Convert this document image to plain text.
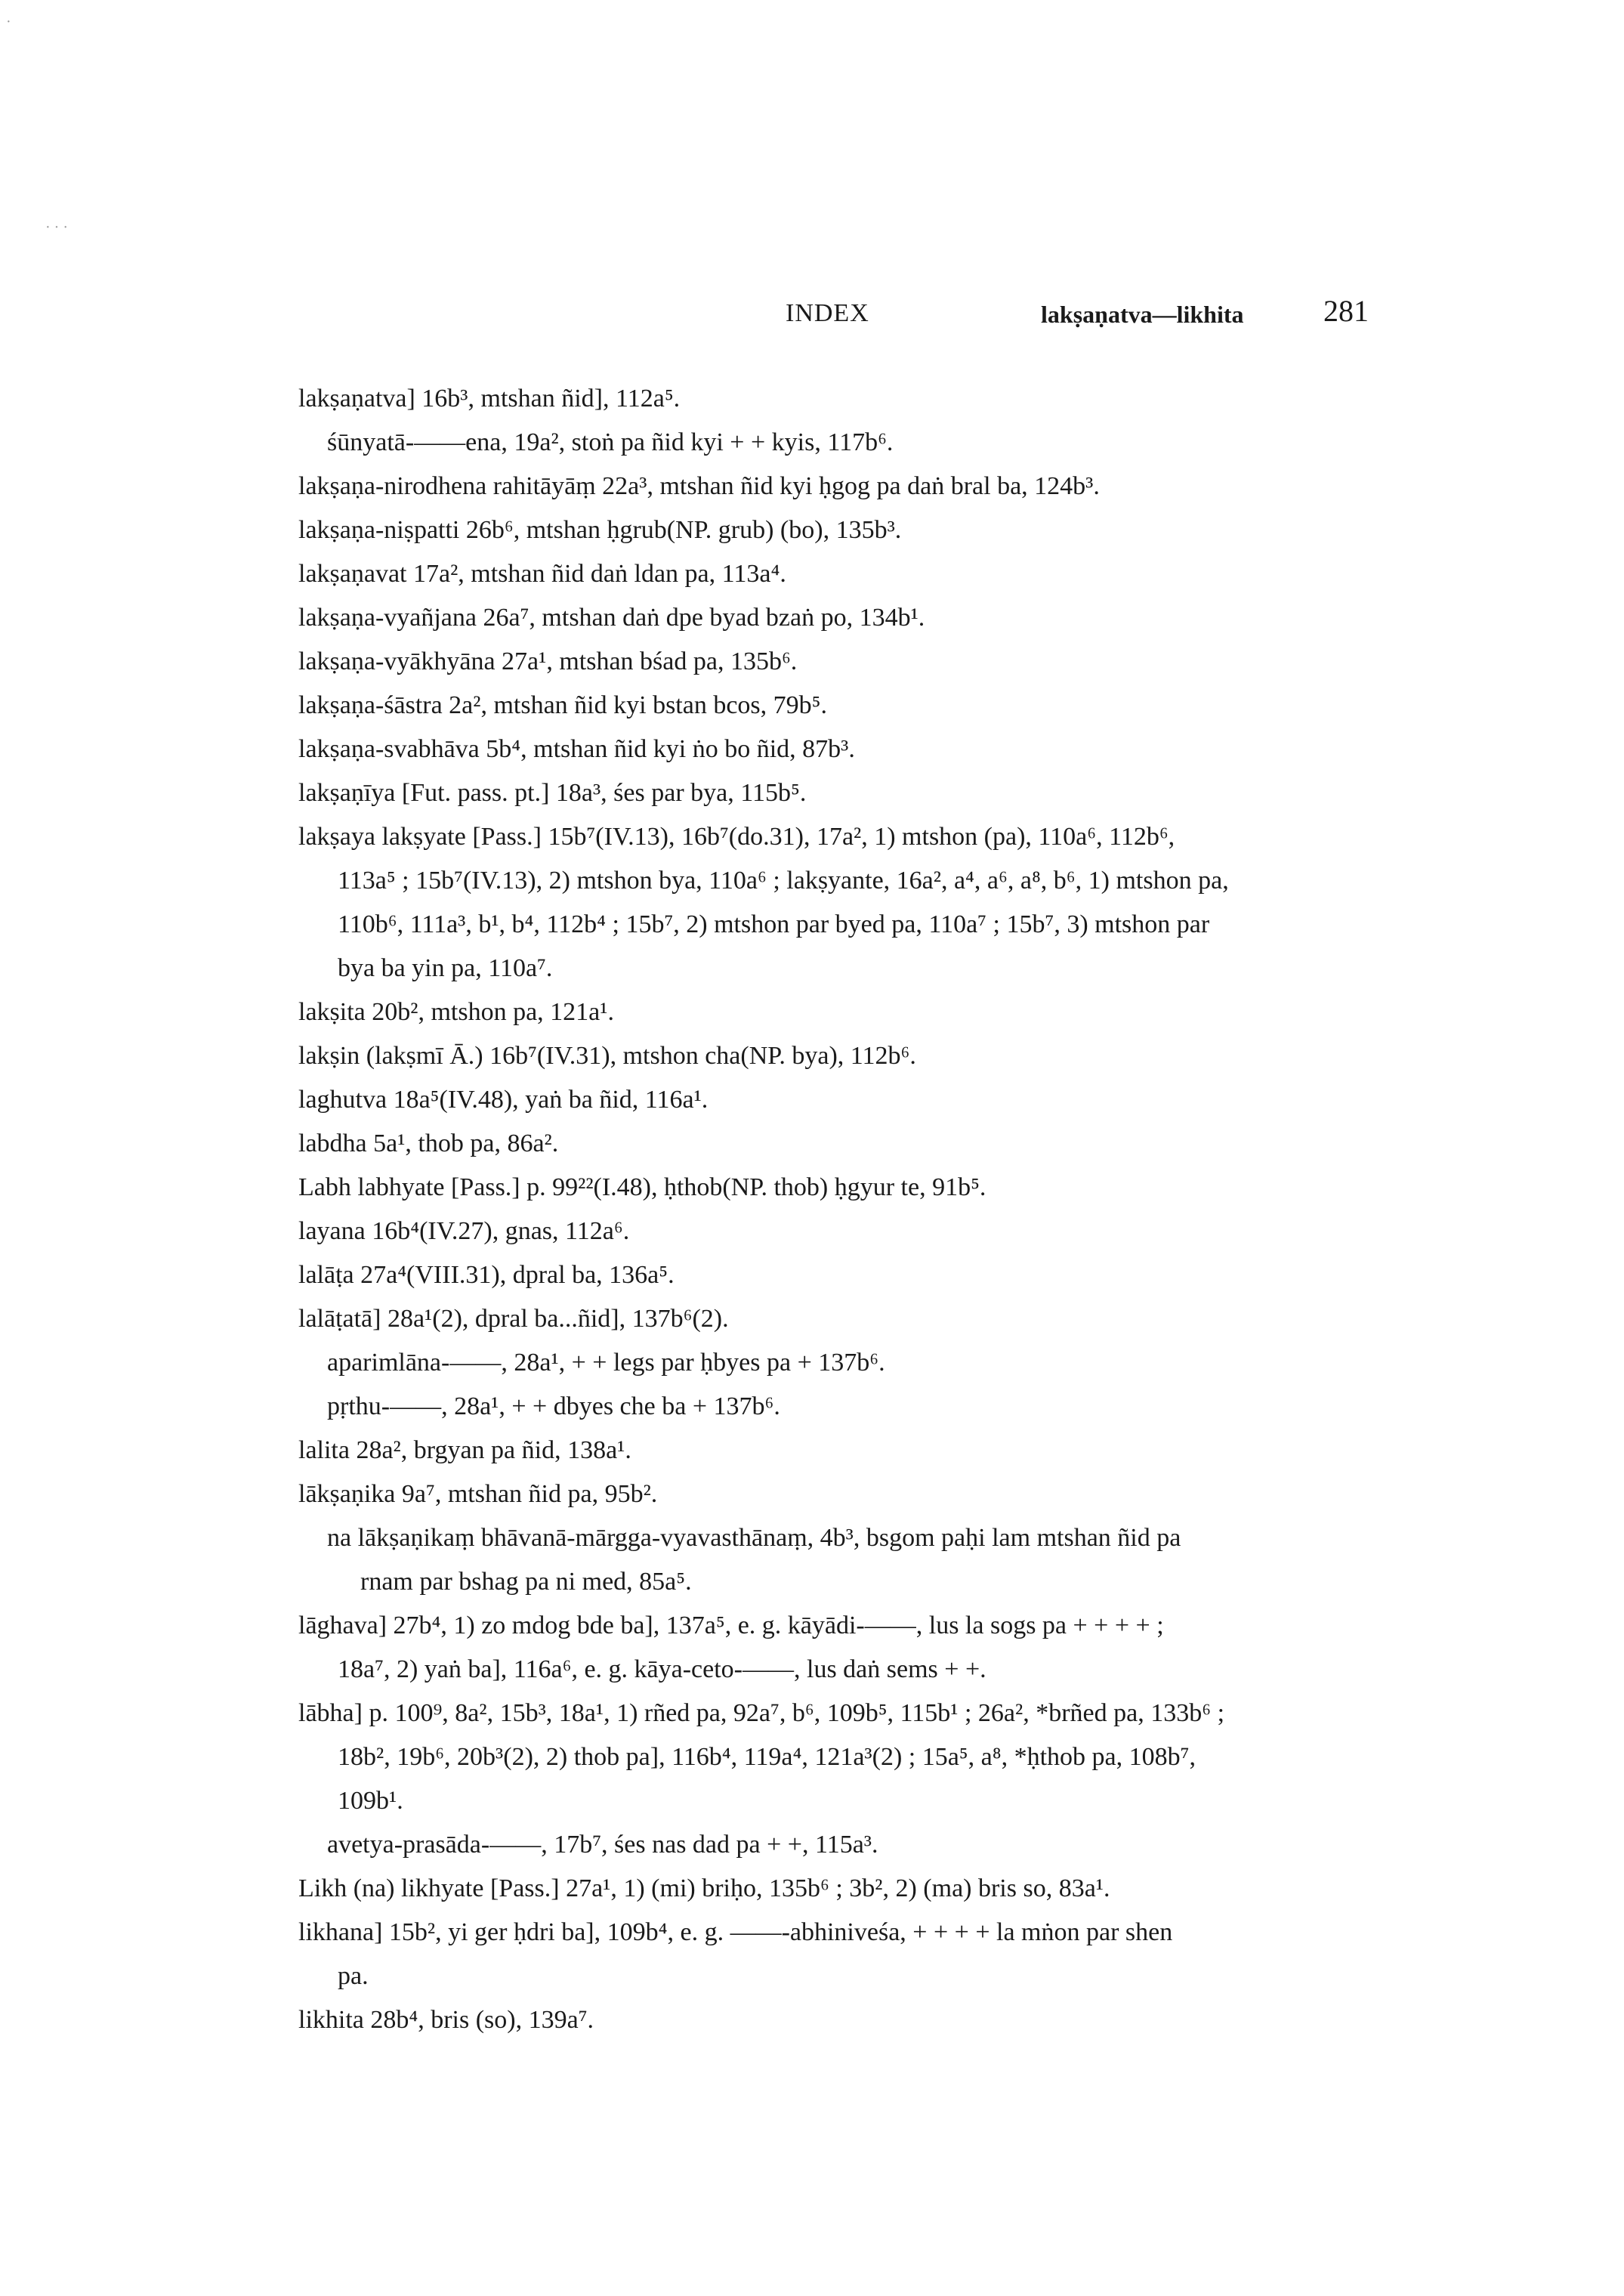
INDEX	lakṣaṇatva—likhita	281
·
· · ·
lakṣaṇatva] 16b³, mtshan ñid], 112a⁵.
śūnyatā-——ena, 19a², stoṅ pa ñid kyi + + kyis, 117b⁶.
lakṣaṇa-nirodhena rahitāyāṃ 22a³, mtshan ñid kyi ḥgog pa daṅ bral ba, 124b³.
lakṣaṇa-niṣpatti 26b⁶, mtshan ḥgrub(NP. grub) (bo), 135b³.
lakṣaṇavat 17a², mtshan ñid daṅ ldan pa, 113a⁴.
lakṣaṇa-vyañjana 26a⁷, mtshan daṅ dpe byad bzaṅ po, 134b¹.
lakṣaṇa-vyākhyāna 27a¹, mtshan bśad pa, 135b⁶.
lakṣaṇa-śāstra 2a², mtshan ñid kyi bstan bcos, 79b⁵.
lakṣaṇa-svabhāva 5b⁴, mtshan ñid kyi ṅo bo ñid, 87b³.
lakṣaṇīya [Fut. pass. pt.] 18a³, śes par bya, 115b⁵.
lakṣaya lakṣyate [Pass.] 15b⁷(IV.13), 16b⁷(do.31), 17a², 1) mtshon (pa), 110a⁶, 112b⁶,
113a⁵ ; 15b⁷(IV.13), 2) mtshon bya, 110a⁶ ; lakṣyante, 16a², a⁴, a⁶, a⁸, b⁶, 1) mtshon pa,
110b⁶, 111a³, b¹, b⁴, 112b⁴ ; 15b⁷, 2) mtshon par byed pa, 110a⁷ ; 15b⁷, 3) mtshon par
bya ba yin pa, 110a⁷.
lakṣita 20b², mtshon pa, 121a¹.
lakṣin (lakṣmī Ā.) 16b⁷(IV.31), mtshon cha(NP. bya), 112b⁶.
laghutva 18a⁵(IV.48), yaṅ ba ñid, 116a¹.
labdha 5a¹, thob pa, 86a².
Labh labhyate [Pass.] p. 99²²(I.48), ḥthob(NP. thob) ḥgyur te, 91b⁵.
layana 16b⁴(IV.27), gnas, 112a⁶.
lalāṭa 27a⁴(VIII.31), dpral ba, 136a⁵.
lalāṭatā] 28a¹(2), dpral ba...ñid], 137b⁶(2).
aparimlāna-——, 28a¹, + + legs par ḥbyes pa + 137b⁶.
pṛthu-——, 28a¹, + + dbyes che ba + 137b⁶.
lalita 28a², brgyan pa ñid, 138a¹.
lākṣaṇika 9a⁷, mtshan ñid pa, 95b².
na lākṣaṇikaṃ bhāvanā-mārgga-vyavasthānaṃ, 4b³, bsgom paḥi lam mtshan ñid pa
rnam par bshag pa ni med, 85a⁵.
lāghava] 27b⁴, 1) zo mdog bde ba], 137a⁵, e. g. kāyādi-——, lus la sogs pa + + + + ;
18a⁷, 2) yaṅ ba], 116a⁶, e. g. kāya-ceto-——, lus daṅ sems + +.
lābha] p. 100⁹, 8a², 15b³, 18a¹, 1) rñed pa, 92a⁷, b⁶, 109b⁵, 115b¹ ; 26a², *brñed pa, 133b⁶ ;
18b², 19b⁶, 20b³(2), 2) thob pa], 116b⁴, 119a⁴, 121a³(2) ; 15a⁵, a⁸, *ḥthob pa, 108b⁷,
109b¹.
avetya-prasāda-——, 17b⁷, śes nas dad pa + +, 115a³.
Likh (na) likhyate [Pass.] 27a¹, 1) (mi) briḥo, 135b⁶ ; 3b², 2) (ma) bris so, 83a¹.
likhana] 15b², yi ger ḥdri ba], 109b⁴, e. g. ——-abhiniveśa, + + + + la mṅon par shen
pa.
likhita 28b⁴, bris (so), 139a⁷.
